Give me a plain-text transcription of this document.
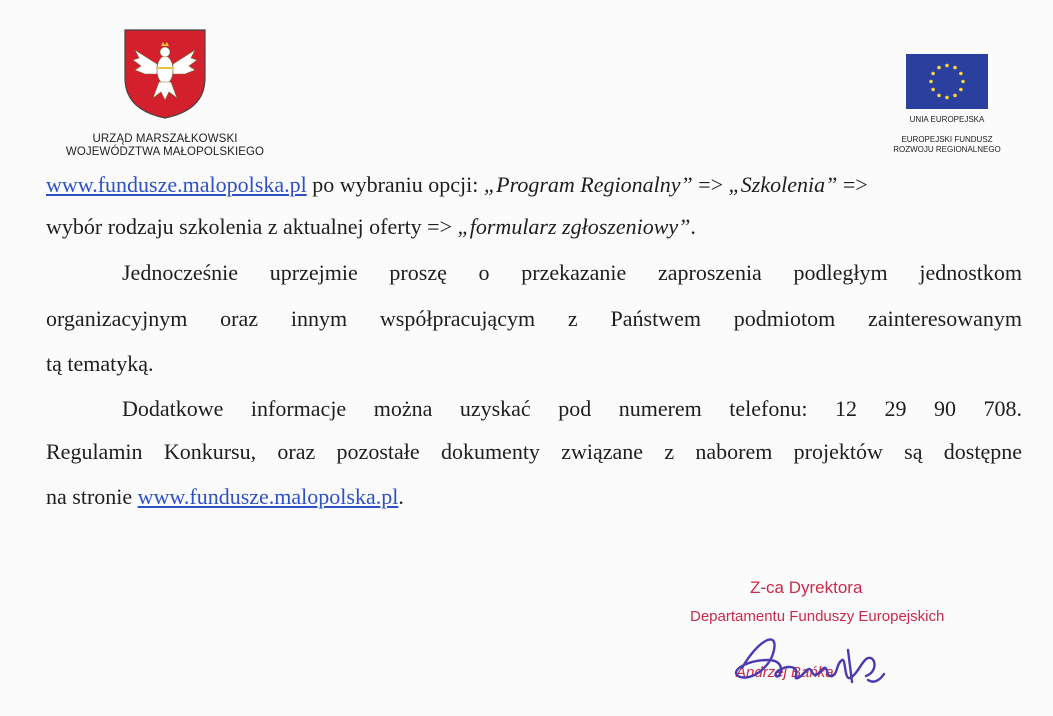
URZĄD MARSZAŁKOWSKI
WOJEWÓDZTWA MAŁOPOLSKIEGO
UNIA EUROPEJSKA
EUROPEJSKI FUNDUSZ
ROZWOJU REGIONALNEGO
www.fundusze.malopolska.pl po wybraniu opcji: „Program Regionalny” => „Szkolenia” =>
wybór rodzaju szkolenia z aktualnej oferty => „formularz zgłoszeniowy”.
Jednocześnie uprzejmie proszę o przekazanie zaproszenia podległym jednostkom
organizacyjnym oraz innym współpracującym z Państwem podmiotom zainteresowanym
tą tematyką.
Dodatkowe informacje można uzyskać pod numerem telefonu: 12 29 90 708.
Regulamin Konkursu, oraz pozostałe dokumenty związane z naborem projektów są dostępne
na stronie www.fundusze.malopolska.pl.
Z-ca Dyrektora
Departamentu Funduszy Europejskich
Andrzej Bańka
